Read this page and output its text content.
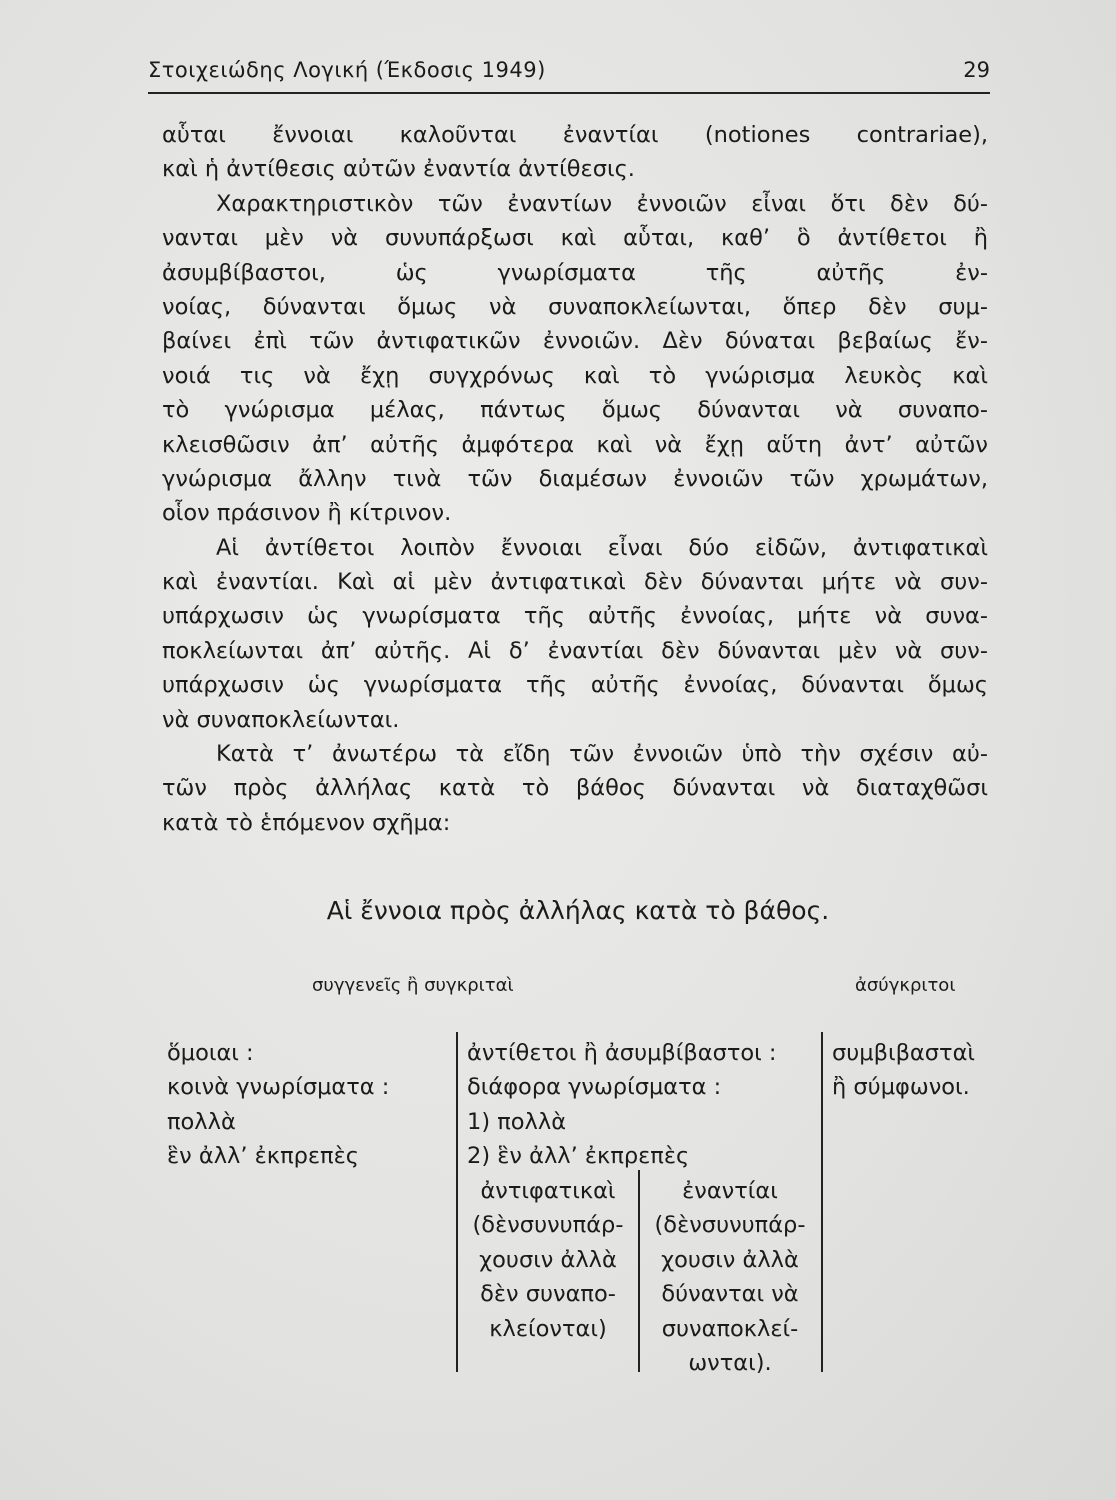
Στοιχειώδης Λογική (Έκδοσις 1949)	29
αὗται ἔννοιαι καλοῦνται ἐναντίαι (notiones contrariae),
καὶ ἡ ἀντίθεσις αὐτῶν ἐναντία ἀντίθεσις.
Χαρακτηριστικὸν τῶν ἐναντίων ἐννοιῶν εἶναι ὅτι δὲν δύ-
νανται μὲν νὰ συνυπάρξωσι καὶ αὗται, καθ’ ὃ ἀντίθετοι ἢ
ἀσυμβίβαστοι, ὡς γνωρίσματα τῆς αὐτῆς ἐν-
νοίας, δύνανται ὅμως νὰ συναποκλείωνται, ὅπερ δὲν συμ-
βαίνει ἐπὶ τῶν ἀντιφατικῶν ἐννοιῶν. Δὲν δύναται βεβαίως ἔν-
νοιά τις νὰ ἔχῃ συγχρόνως καὶ τὸ γνώρισμα λευκὸς καὶ
τὸ γνώρισμα μέλας, πάντως ὅμως δύνανται νὰ συναπο-
κλεισθῶσιν ἀπ’ αὐτῆς ἀμφότερα καὶ νὰ ἔχῃ αὕτη ἀντ’ αὐτῶν
γνώρισμα ἄλλην τινὰ τῶν διαμέσων ἐννοιῶν τῶν χρωμάτων,
οἷον πράσινον ἢ κίτρινον.
Αἱ ἀντίθετοι λοιπὸν ἔννοιαι εἶναι δύο εἰδῶν, ἀντιφατικαὶ
καὶ ἐναντίαι. Καὶ αἱ μὲν ἀντιφατικαὶ δὲν δύνανται μήτε νὰ συν-
υπάρχωσιν ὡς γνωρίσματα τῆς αὐτῆς ἐννοίας, μήτε νὰ συνα-
ποκλείωνται ἀπ’ αὐτῆς. Αἱ δ’ ἐναντίαι δὲν δύνανται μὲν νὰ συν-
υπάρχωσιν ὡς γνωρίσματα τῆς αὐτῆς ἐννοίας, δύνανται ὅμως
νὰ συναποκλείωνται.
Κατὰ τ’ ἀνωτέρω τὰ εἴδη τῶν ἐννοιῶν ὑπὸ τὴν σχέσιν αὐ-
τῶν πρὸς ἀλλήλας κατὰ τὸ βάθος δύνανται νὰ διαταχθῶσι
κατὰ τὸ ἑπόμενον σχῆμα:
Αἱ ἔννοια πρὸς ἀλλήλας κατὰ τὸ βάθος.
συγγενεῖς ἢ συγκριταὶ	ἀσύγκριτοι
ὅμοιαι :
κοινὰ γνωρίσματα :
πολλὰ
ἓν ἀλλ’ ἐκπρεπὲς
ἀντίθετοι ἢ ἀσυμβίβαστοι :
διάφορα γνωρίσματα :
1) πολλὰ
2) ἓν ἀλλ’ ἐκπρεπὲς
συμβιβασταὶ
ἢ σύμφωνοι.
ἀντιφατικαὶ
(δὲνσυνυπάρ-
χουσιν ἀλλὰ
δὲν συναπο-
κλείονται)
ἐναντίαι
(δὲνσυνυπάρ-
χουσιν ἀλλὰ
δύνανται νὰ
συναποκλεί-
ωνται).
